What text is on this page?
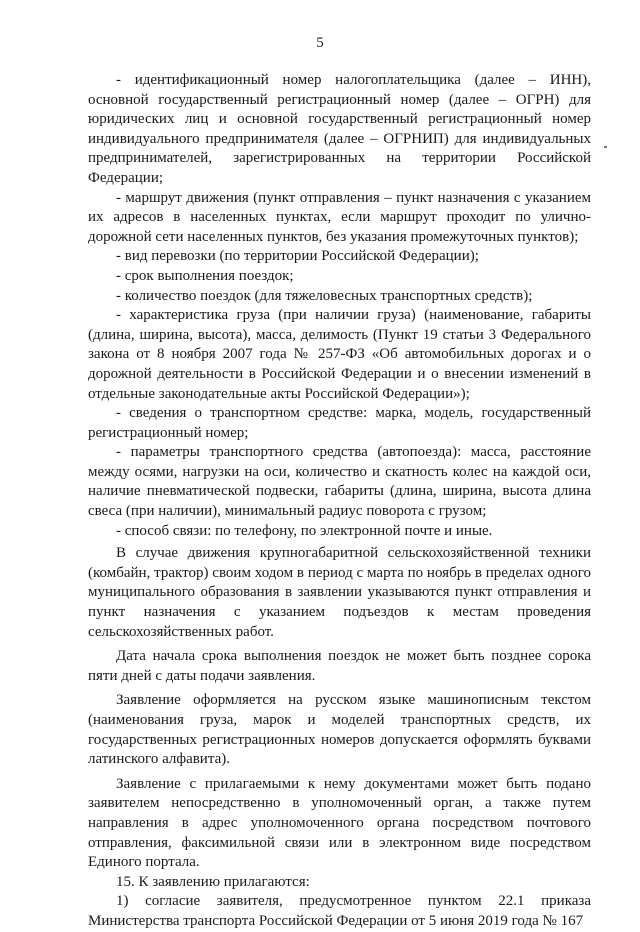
5

- идентификационный номер налогоплательщика (далее – ИНН), основной государственный регистрационный номер (далее – ОГРН) для юридических лиц и основной государственный регистрационный номер индивидуального предпринимателя (далее – ОГРНИП) для индивидуальных предпринимателей, зарегистрированных на территории Российской Федерации;

- маршрут движения (пункт отправления – пункт назначения с указанием их адресов в населенных пунктах, если маршрут проходит по улично-дорожной сети населенных пунктов, без указания промежуточных пунктов);

- вид перевозки (по территории Российской Федерации);

- срок выполнения поездок;

- количество поездок (для тяжеловесных транспортных средств);

- характеристика груза (при наличии груза) (наименование, габариты (длина, ширина, высота), масса, делимость (Пункт 19 статьи 3 Федерального закона от 8 ноября 2007 года № 257-ФЗ «Об автомобильных дорогах и о дорожной деятельности в Российской Федерации и о внесении изменений в отдельные законодательные акты Российской Федерации»);

- сведения о транспортном средстве: марка, модель, государственный регистрационный номер;

- параметры транспортного средства (автопоезда): масса, расстояние между осями, нагрузки на оси, количество и скатность колес на каждой оси, наличие пневматической подвески, габариты (длина, ширина, высота длина свеса (при наличии), минимальный радиус поворота с грузом;

- способ связи: по телефону, по электронной почте и иные.

В случае движения крупногабаритной сельскохозяйственной техники (комбайн, трактор) своим ходом в период с марта по ноябрь в пределах одного муниципального образования в заявлении указываются пункт отправления и пункт назначения с указанием подъездов к местам проведения сельскохозяйственных работ.

Дата начала срока выполнения поездок не может быть позднее сорока пяти дней с даты подачи заявления.

Заявление оформляется на русском языке машинописным текстом (наименования груза, марок и моделей транспортных средств, их государственных регистрационных номеров допускается оформлять буквами латинского алфавита).

Заявление с прилагаемыми к нему документами может быть подано заявителем непосредственно в уполномоченный орган, а также путем направления в адрес уполномоченного органа посредством почтового отправления, факсимильной связи или в электронном виде посредством Единого портала.

15. К заявлению прилагаются:

1) согласие заявителя, предусмотренное пунктом 22.1 приказа Министерства транспорта Российской Федерации от 5 июня 2019 года № 167
